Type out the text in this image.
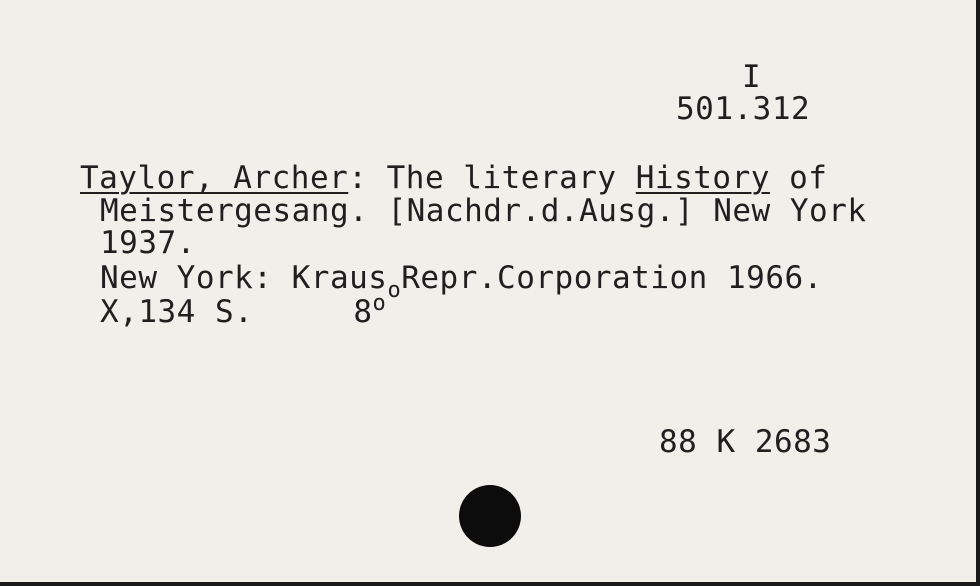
I
501.312
Taylor, Archer: The literary History of
Meistergesang. [Nachdr.d.Ausg.] New York
1937.
New York: Kraus$_o$Repr.Corporation 1966.
X,134 S.	8$^o$
88 K 2683
